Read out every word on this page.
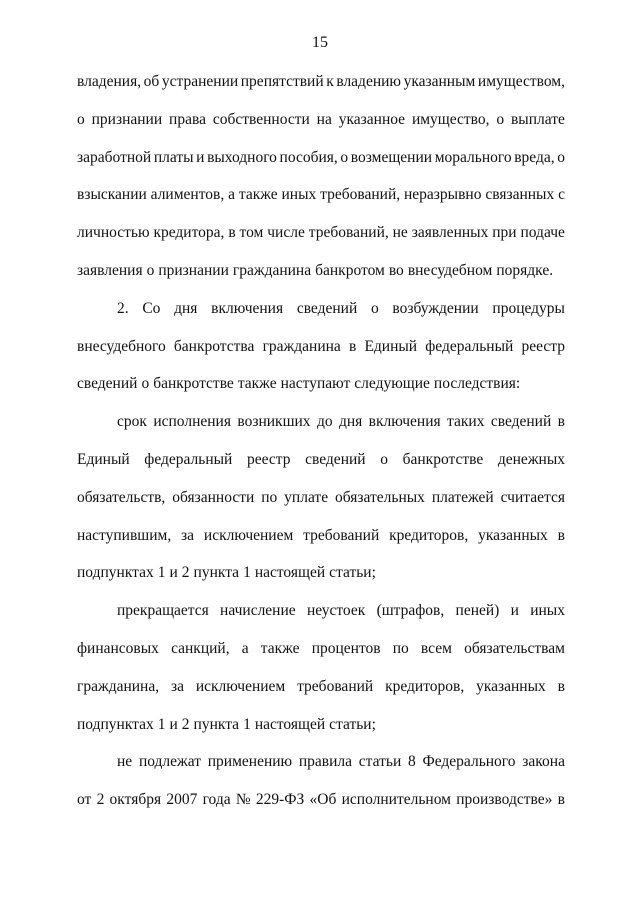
15
владения, об устранении препятствий к владению указанным имуществом,
о признании права собственности на указанное имущество, о выплате
заработной платы и выходного пособия, о возмещении морального вреда, о
взыскании алиментов, а также иных требований, неразрывно связанных с
личностью кредитора, в том числе требований, не заявленных при подаче
заявления о признании гражданина банкротом во внесудебном порядке.
2. Со дня включения сведений о возбуждении процедуры
внесудебного банкротства гражданина в Единый федеральный реестр
сведений о банкротстве также наступают следующие последствия:
срок исполнения возникших до дня включения таких сведений в
Единый федеральный реестр сведений о банкротстве денежных
обязательств, обязанности по уплате обязательных платежей считается
наступившим, за исключением требований кредиторов, указанных в
подпунктах 1 и 2 пункта 1 настоящей статьи;
прекращается начисление неустоек (штрафов, пеней) и иных
финансовых санкций, а также процентов по всем обязательствам
гражданина, за исключением требований кредиторов, указанных в
подпунктах 1 и 2 пункта 1 настоящей статьи;
не подлежат применению правила статьи 8 Федерального закона
от 2 октября 2007 года № 229-ФЗ «Об исполнительном производстве» в
